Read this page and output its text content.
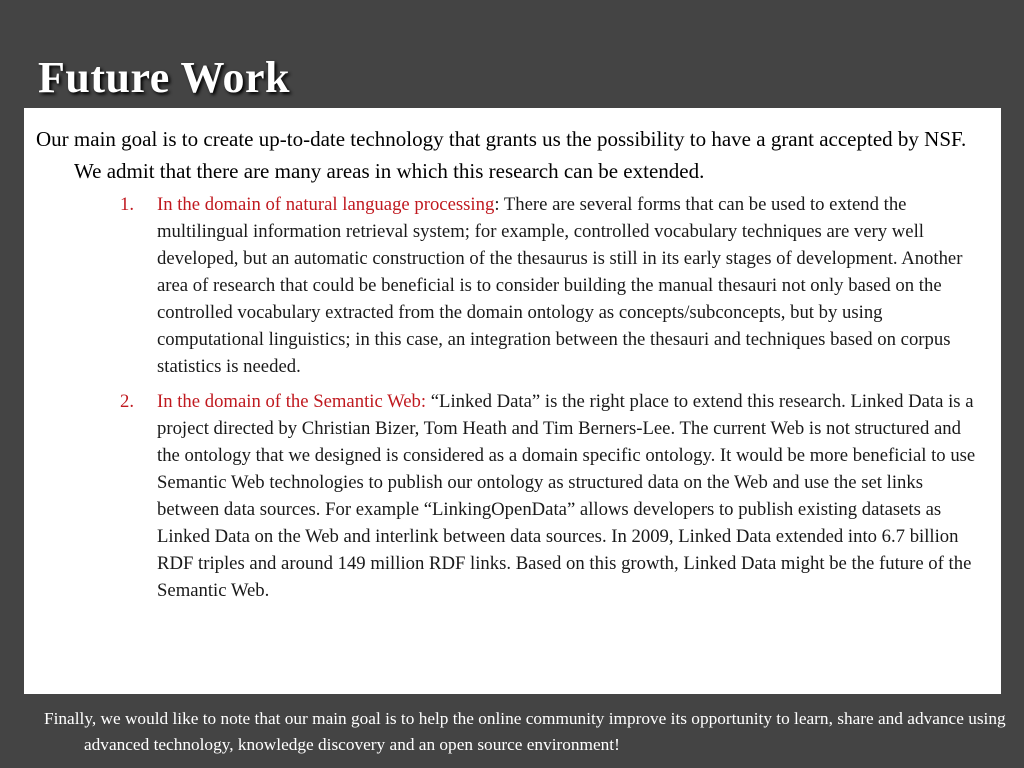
Future Work

Our main goal is to create up-to-date technology that grants us the possibility to have a grant accepted by NSF. We admit that there are many areas in which this research can be extended.

1. In the domain of natural language processing: There are several forms that can be used to extend the multilingual information retrieval system; for example, controlled vocabulary techniques are very well developed, but an automatic construction of the thesaurus is still in its early stages of development. Another area of research that could be beneficial is to consider building the manual thesauri not only based on the controlled vocabulary extracted from the domain ontology as concepts/subconcepts, but by using computational linguistics; in this case, an integration between the thesauri and techniques based on corpus statistics is needed.
2. In the domain of the Semantic Web: “Linked Data” is the right place to extend this research. Linked Data is a project directed by Christian Bizer, Tom Heath and Tim Berners-Lee. The current Web is not structured and the ontology that we designed is considered as a domain specific ontology. It would be more beneficial to use Semantic Web technologies to publish our ontology as structured data on the Web and use the set links between data sources. For example “LinkingOpenData” allows developers to publish existing datasets as Linked Data on the Web and interlink between data sources. In 2009, Linked Data extended into 6.7 billion RDF triples and around 149 million RDF links. Based on this growth, Linked Data might be the future of the Semantic Web.

Finally, we would like to note that our main goal is to help the online community improve its opportunity to learn, share and advance using advanced technology, knowledge discovery and an open source environment!
